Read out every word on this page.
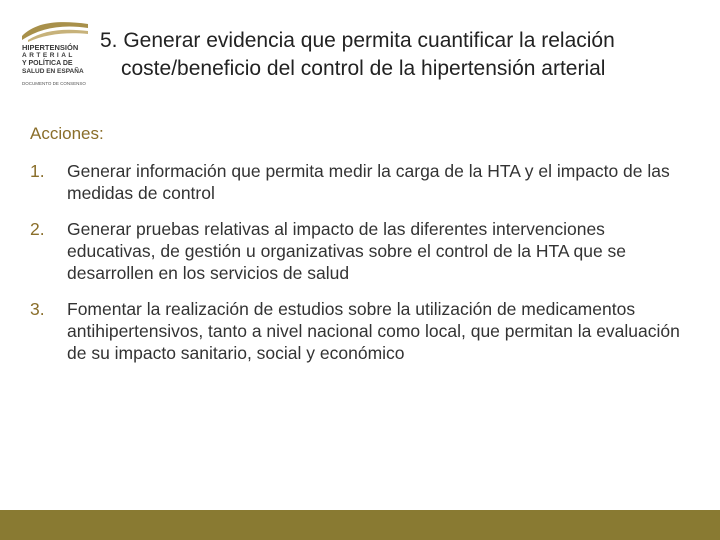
HIPERTENSIÓN
ARTERIAL
Y POLÍTICA DE
SALUD EN ESPAÑA
DOCUMENTO DE CONSENSO
5. Generar evidencia que permita cuantificar la relación
coste/beneficio del control de la hipertensión arterial
Acciones:
1.	Generar información que permita medir la carga de la HTA y el impacto de las medidas de control
2.	Generar pruebas relativas al impacto de las diferentes intervenciones educativas, de gestión u organizativas sobre el control de la HTA que se desarrollen en los servicios de salud
3.	Fomentar la realización de estudios sobre la utilización de medicamentos antihipertensivos, tanto a nivel nacional como local, que permitan la evaluación de su impacto sanitario, social y económico
